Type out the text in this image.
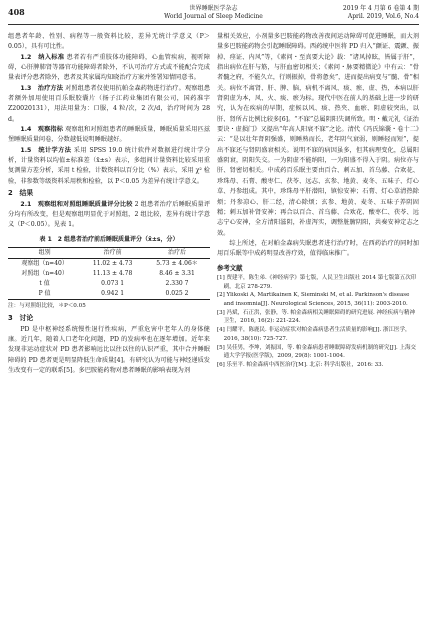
408	世界睡眠医学杂志
World Journal of Sleep Medicine
2019 年 4 月第 6 卷第 4 期
April. 2019, Vol.6, No.4

组患者年龄、性别、病程等一般资料比较，差异无统计学意义（P＞0.05），具有可比性。

1.2　纳入标准 患者若有严重肢体功能障碍，心血管疾病，视听障碍，心肝脾肺肾等器官功能障碍者除外，不认可治疗方式或不能配合完成量表评分患者除外，患者及其家属均知晓治疗方案并签署知情同意书。

1.3　治疗方法 对照组患者仅使用抗帕金森药物进行治疗。观察组患者额外加用使用百乐眠胶囊片（扬子江药业集团有限公司，国药准字Z20020131），用法用量为：口服，4 粒/次，2 次/d，治疗时间为 28 d。

1.4　观察指标 观察组和对照组患者的睡眠质量，睡眠质量采用匹兹堡睡眠质量问卷，分数越低说明睡眠越好。

1.5　统计学方法 采用 SPSS 19.0 统计软件对数据进行统计学分析，计量资料以均值±标准差（x̄±s）表示，多组间计量资料比较采用重复测量方差分析，采用 t 检验，计数资料以百分比（%）表示，采用 χ² 检验，非参数等级资料采用秩和检验，以 P＜0.05 为差异有统计学意义。

2　结果

2.1　观察组和对照组睡眠质量评分比较 2 组患者治疗后睡眠质量评分均有所改变，但是观察组明显优于对照组，2 组比较，差异有统计学意义（P＜0.05）。见表 1。

表 1　2 组患者治疗前后睡眠质量评分（x̄±s，分）
组别	治疗前	治疗后
观察组（n=40）	11.02 ± 4.73	5.73 ± 4.06＊
对照组（n=40）	11.13 ± 4.78	8.46 ± 3.31
t 值	0.073 1	2.330 7
P 值	0.942 1	0.025 2
注：与对照组比较，＊P＜0.05
3　讨论

PD 是中枢神经系统慢性退行性疾病，严重危害中老年人的身体健康。近几年，随着人口老年化问题，PD 的发病率也在逐年增加。近年来发现非运动症状对 PD 患者影响远比以往以往的认识严重，其中合并睡眠障碍的 PD 患者更是明显降低生命质量[4]。有研究认为可能与神经递质发生改变有一定的联系[5]。多巴胺能药物对患者睡眠的影响表现为剂

量相关效应，小剂量多巴胺能药物改善夜间运动障碍可促进睡眠，而大剂量多巴胺能药物会引起睡眠障碍。西药统中医将 PD 归入“颤证、震颤、振掉、痉证、内风”等，《素问・至真要大论》载：“诸风掉眩，皆属于肝”，指出病位在肝与筋，与肝血密切相关；《素问・脉要精微论》中有云：“骨者髓之府，不能久立，行则振掉，骨将惫矣”，进而提出病变与“髓、骨”相关。病位不离肾、肝、脾、脑，病机不离风、痰、瘀、虚、热，本病以肝肾阴虚为本，风、火、痰、瘀为标。现代中医在前人的基础上进一步的研究，认为在疾病的早期，症候以风、痰、热夹、血瘀、阴虚较突出，以肝、肾所占比例比较多[6]。“不寐”总属阴阳失调所致。明・戴元礼《证治要诀・虚损门》又提出“年高人阳衰不寐”之论。清代《冯氏锦囊・卷十二》云：“是以壮年肾阴强盛，则睡熟而长，老年阴气衰弱，则睡轻而短”，提出不寐还与肾阴盛衰相关。说明不寐的病因虽多，但其病理变化，总属阳盛阴衰，阴阳失交。一为阴虚不能纳阳，一为阳盛不得入于阴。病位亦与肝、肾密切相关。中成药百乐眠主要由百合、刺五加、首乌藤、合欢花、珍珠母、石膏、酸枣仁、茯苓、远志、玄参、地黄、麦冬、五味子、灯心草、丹参组成。其中，珍珠母平肝潜阳，镇惊安神；石膏、灯心草清热除烦；丹参凉心、肝二经，清心除烦；玄参、地黄、麦冬、五味子养阴固精；刺五加补肾安神；再合以百合、首乌藤、合欢花、酸枣仁、茯苓、远志宁心安神，全方清阳滋阴，补虚泻实，调整脏腑阴阳，共奏安神定志之效。

综上所述，在对帕金森病失眠患者进行治疗时，在西药治疗的同时加用百乐眠等中成药明显改善疗效，值得临床推广。

参考文献

[1] 贾建平，陈生弟.《神经病学》第七版，人民卫生出版社 2014 第七版第五次印刷，北京 278-279.

[2] Ylikoski A, Martikainen K, Sieminski M, et al. Parkinson's disease and insomnia[J]. Neurological Sciences, 2015, 36(11): 2003-2010.

[3] 冯斌，石正洪，张静，等. 帕金森病相关睡眠障碍的研究进展. 神经疾病与精神卫生，2016, 16(2): 221-224.

[4] 闫耀平，陈鹿民. 非运动症状对帕金森病患者生活质量的影响[J]. 浙江医学，2016, 38(10): 725-727.

[5] 吴佳男，李坤，刘振国，等. 帕金森病患者睡眠障碍发病机制的研究[J]. 上海交通大学学报(医学版)，2009, 29(8): 1001-1004.

[6] 乐至平. 帕金森病中西医治疗[M]. 北京: 科学出版社，2016: 33.
